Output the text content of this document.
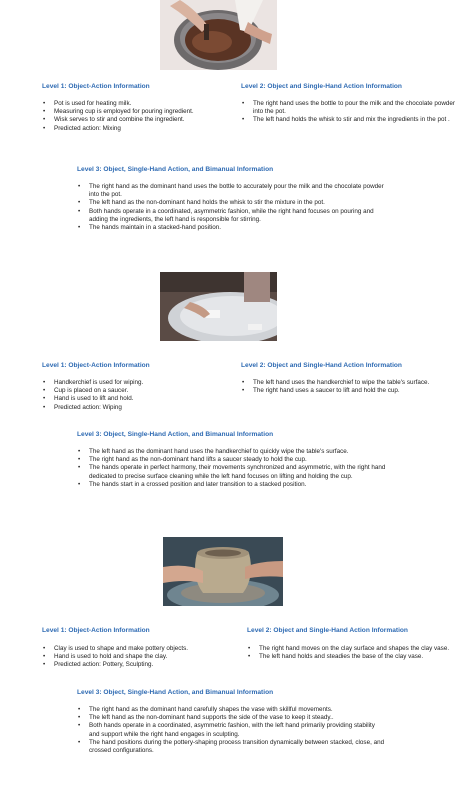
Level 1: Object-Action Information
• Pot is used for heating milk.
• Measuring cup is employed for pouring ingredient.
• Wisk serves to stir and combine the ingredient.
• Predicted action: Mixing
Level 2: Object and Single-Hand Action Information
• The right hand uses the bottle to pour the milk and the chocolate powder into the pot.
• The left hand holds the whisk to stir and mix the ingredients in the pot .
Level 3: Object, Single-Hand Action, and Bimanual Information
• The right hand as the dominant hand uses the bottle to accurately pour the milk and the chocolate powder into the pot.
• The left hand as the non-dominant hand holds the whisk to stir the mixture in the pot.
• Both hands operate in a coordinated, asymmetric fashion, while the right hand focuses on pouring and adding the ingredients, the left hand is responsible for stirring.
• The hands maintain in a stacked-hand position.
Level 1: Object-Action Information
• Handkerchief is used for wiping.
• Cup is placed on a saucer.
• Hand is used to lift and hold.
• Predicted action: Wiping
Level 2: Object and Single-Hand Action Information
• The left hand uses the handkerchief to wipe the table's surface.
• The right hand uses a saucer to lift and hold the cup.
Level 3: Object, Single-Hand Action, and Bimanual Information
• The left hand as the dominant hand uses the handkerchief to quickly wipe the table's surface.
• The right hand as the non-dominant hand lifts a saucer steady to hold the cup.
• The hands operate in perfect harmony, their movements synchronized and asymmetric, with the right hand dedicated to precise surface cleaning while the left hand focuses on lifting and holding the cup.
• The hands start in a crossed position and later transition to a stacked position.
Level 1: Object-Action Information
• Clay is used to shape and make pottery objects.
• Hand is used to hold and shape the clay.
• Predicted action: Pottery, Sculpting.
Level 2: Object and Single-Hand Action Information
• The right hand moves on the clay surface and shapes the clay vase.
• The left hand holds and steadies the base of the clay vase.
Level 3: Object, Single-Hand Action, and Bimanual Information
• The right hand as the dominant hand carefully shapes the vase with skillful movements.
• The left hand as the non-dominant hand supports the side of the vase to keep it steady..
• Both hands operate in a coordinated, asymmetric fashion, with the left hand primarily providing stability and support while the right hand engages in sculpting.
• The hand positions during the pottery-shaping process transition dynamically between stacked, close, and crossed configurations.
